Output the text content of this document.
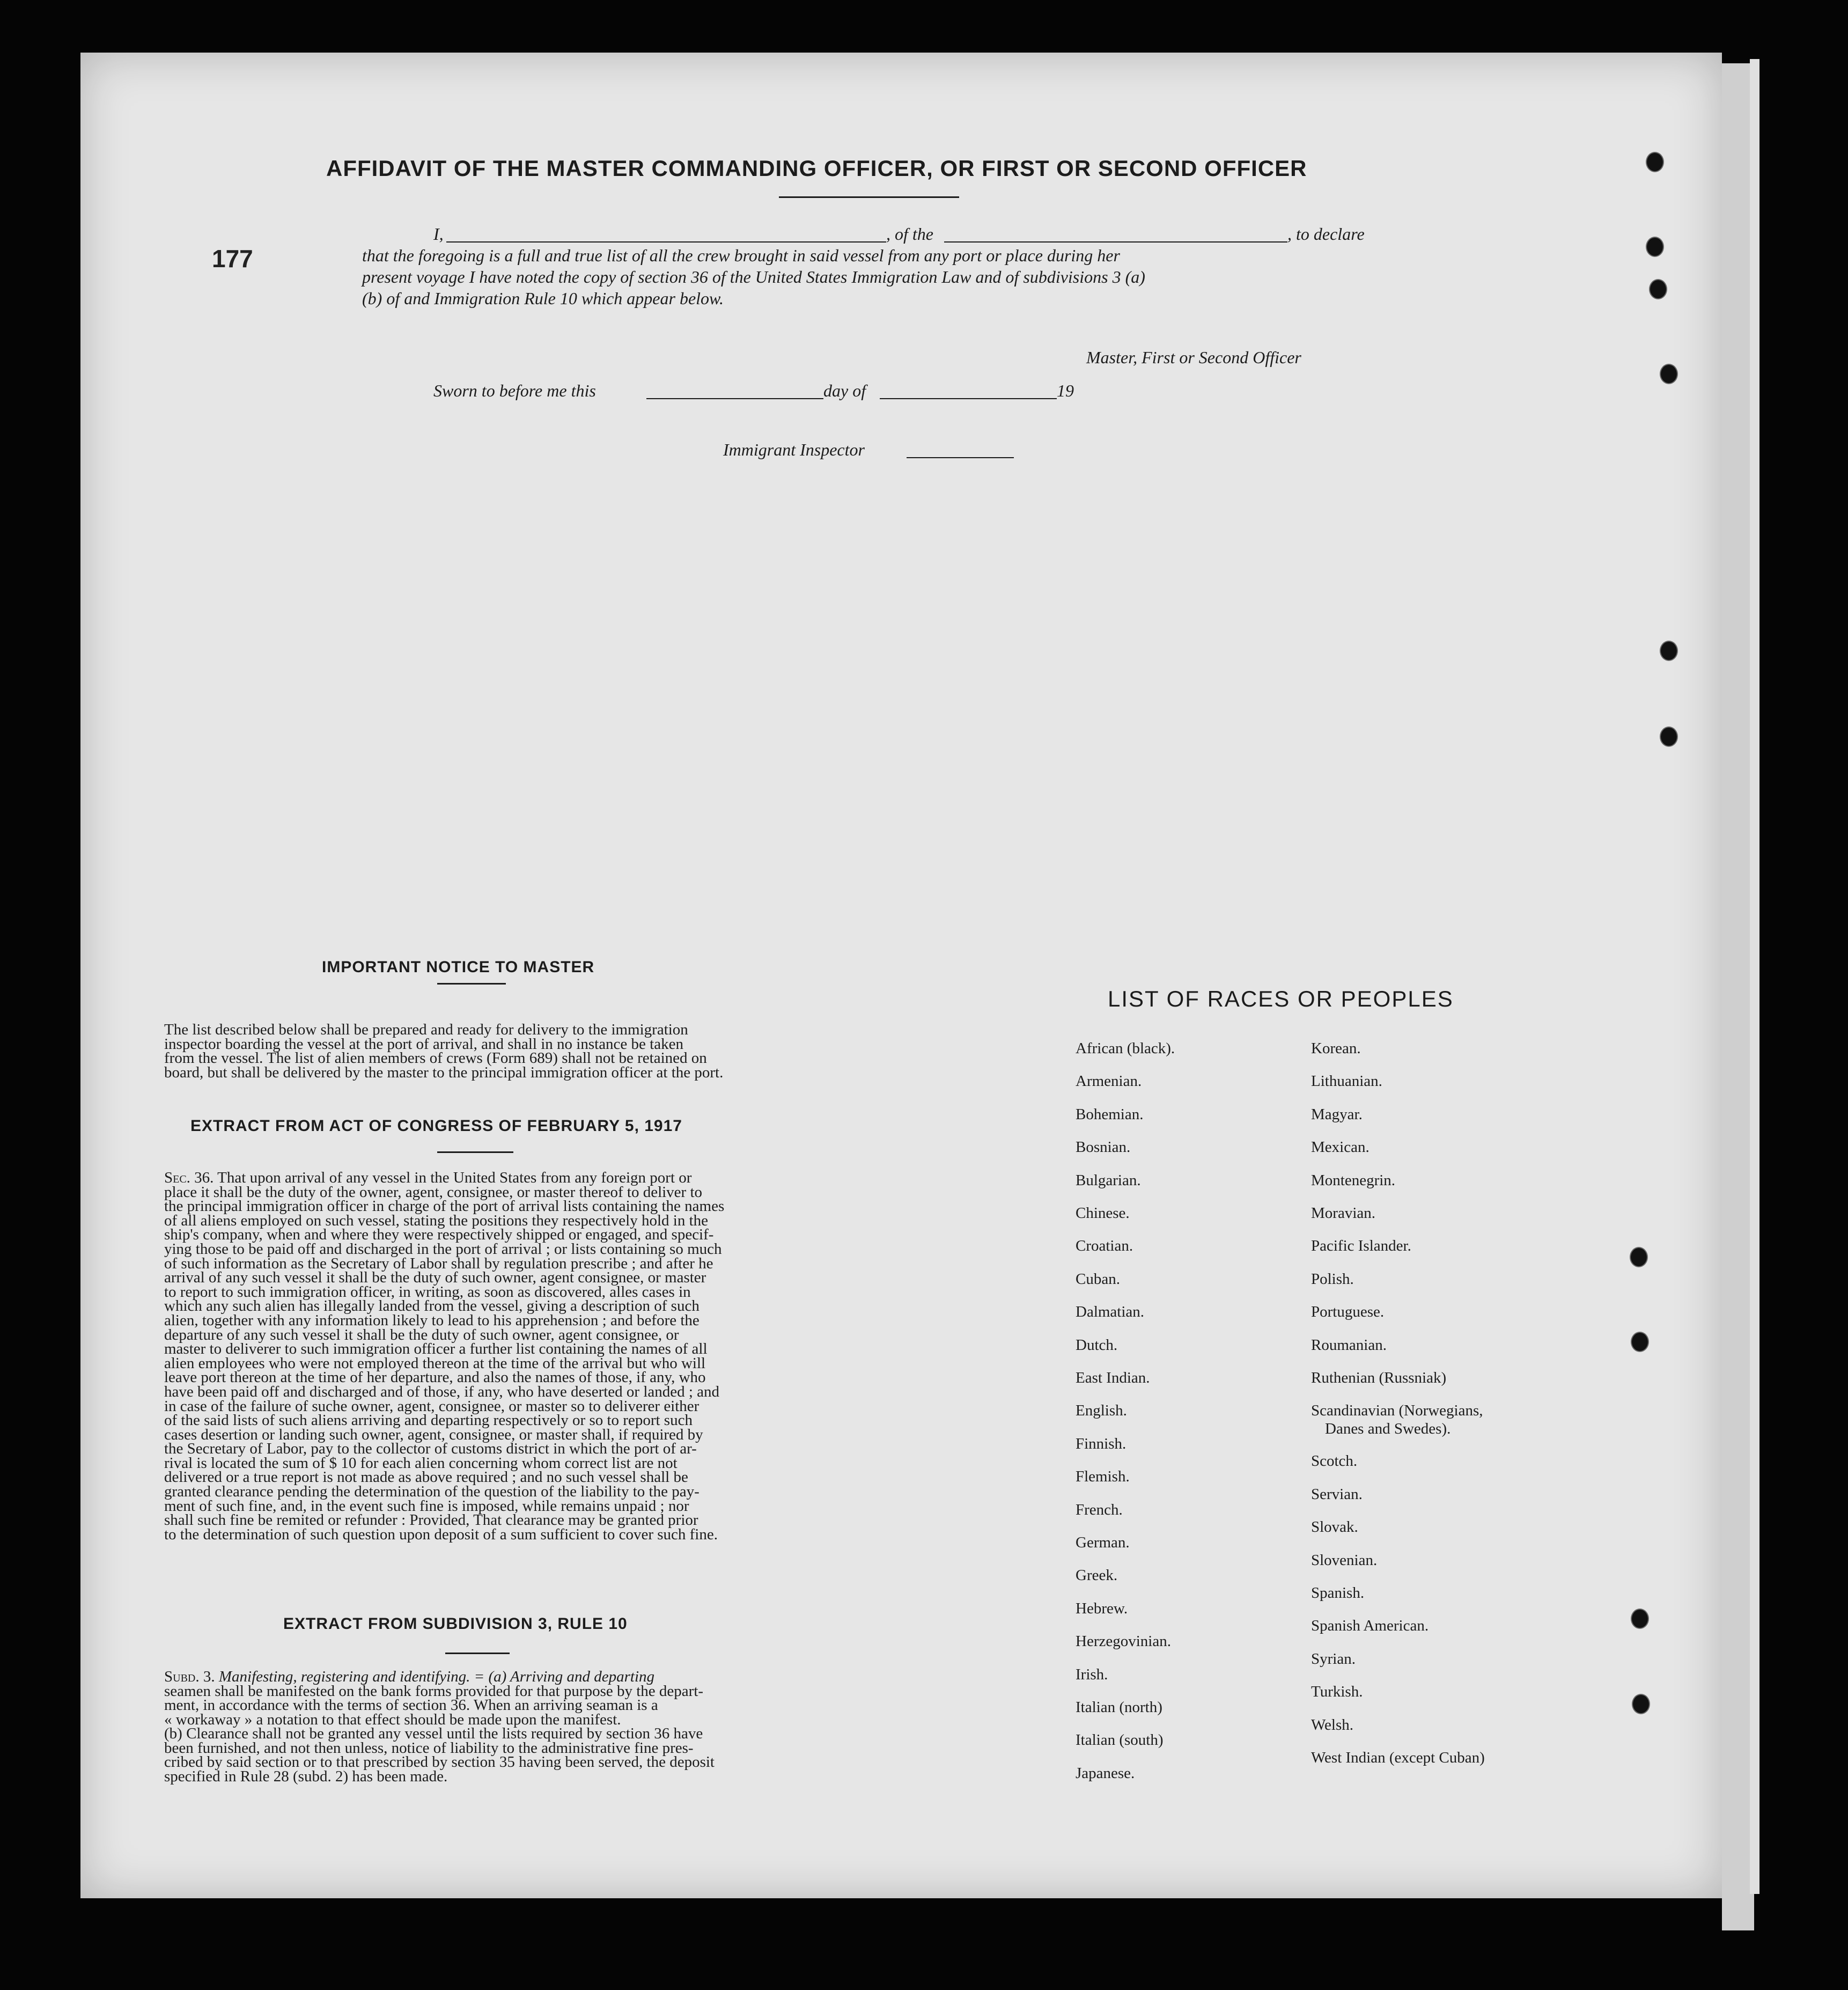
177
AFFIDAVIT OF THE MASTER COMMANDING OFFICER, OR FIRST OR SECOND OFFICER
I,	, of the	, to declare
that the foregoing is a full and true list of all the crew brought in said vessel from any port or place during her
present voyage I have noted the copy of section 36 of the United States Immigration Law and of subdivisions 3 (a)
(b) of and Immigration Rule 10 which appear below.
Master, First or Second Officer
Sworn to before me this	day of	19
Immigrant Inspector
IMPORTANT NOTICE TO MASTER
The list described below shall be prepared and ready for delivery to the immigration
inspector boarding the vessel at the port of arrival, and shall in no instance be taken
from the vessel. The list of alien members of crews (Form 689) shall not be retained on
board, but shall be delivered by the master to the principal immigration officer at the port.
EXTRACT FROM ACT OF CONGRESS OF FEBRUARY 5, 1917
Sec. 36. That upon arrival of any vessel in the United States from any foreign port or
place it shall be the duty of the owner, agent, consignee, or master thereof to deliver to
the principal immigration officer in charge of the port of arrival lists containing the names
of all aliens employed on such vessel, stating the positions they respectively hold in the
ship's company, when and where they were respectively shipped or engaged, and specif-
ying those to be paid off and discharged in the port of arrival ; or lists containing so much
of such information as the Secretary of Labor shall by regulation prescribe ; and after he
arrival of any such vessel it shall be the duty of such owner, agent consignee, or master
to report to such immigration officer, in writing, as soon as discovered, alles cases in
which any such alien has illegally landed from the vessel, giving a description of such
alien, together with any information likely to lead to his apprehension ; and before the
departure of any such vessel it shall be the duty of such owner, agent consignee, or
master to deliverer to such immigration officer a further list containing the names of all
alien employees who were not employed thereon at the time of the arrival but who will
leave port thereon at the time of her departure, and also the names of those, if any, who
have been paid off and discharged and of those, if any, who have deserted or landed ; and
in case of the failure of suche owner, agent, consignee, or master so to deliverer either
of the said lists of such aliens arriving and departing respectively or so to report such
cases desertion or landing such owner, agent, consignee, or master shall, if required by
the Secretary of Labor, pay to the collector of customs district in which the port of ar-
rival is located the sum of $ 10 for each alien concerning whom correct list are not
delivered or a true report is not made as above required ; and no such vessel shall be
granted clearance pending the determination of the question of the liability to the pay-
ment of such fine, and, in the event such fine is imposed, while remains unpaid ; nor
shall such fine be remited or refunder : Provided, That clearance may be granted prior
to the determination of such question upon deposit of a sum sufficient to cover such fine.
EXTRACT FROM SUBDIVISION 3, RULE 10
Subd. 3. Manifesting, registering and identifying. = (a) Arriving and departing
seamen shall be manifested on the bank forms provided for that purpose by the depart-
ment, in accordance with the terms of section 36. When an arriving seaman is a
« workaway » a notation to that effect should be made upon the manifest.
(b) Clearance shall not be granted any vessel until the lists required by section 36 have
been furnished, and not then unless, notice of liability to the administrative fine pres-
cribed by said section or to that prescribed by section 35 having been served, the deposit
specified in Rule 28 (subd. 2) has been made.
LIST OF RACES OR PEOPLES
African (black).
Armenian.
Bohemian.
Bosnian.
Bulgarian.
Chinese.
Croatian.
Cuban.
Dalmatian.
Dutch.
East Indian.
English.
Finnish.
Flemish.
French.
German.
Greek.
Hebrew.
Herzegovinian.
Irish.
Italian (north)
Italian (south)
Japanese.
Korean.
Lithuanian.
Magyar.
Mexican.
Montenegrin.
Moravian.
Pacific Islander.
Polish.
Portuguese.
Roumanian.
Ruthenian (Russniak)
Scandinavian (Norwegians,
Danes and Swedes).
Scotch.
Servian.
Slovak.
Slovenian.
Spanish.
Spanish American.
Syrian.
Turkish.
Welsh.
West Indian (except Cuban)
